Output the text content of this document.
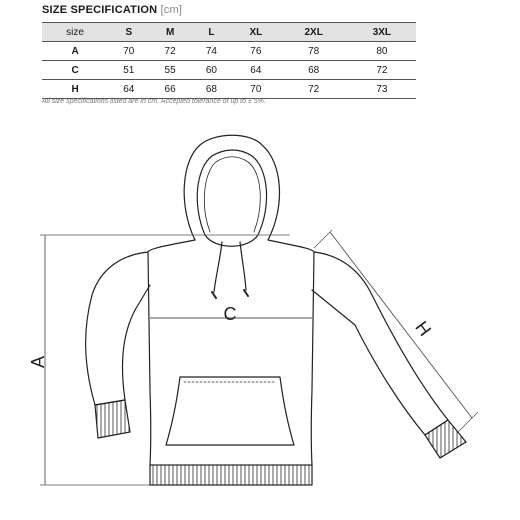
SIZE SPECIFICATION [cm]
size	S	M	L	XL	2XL	3XL
A	70	72	74	76	78	80
C	51	55	60	64	68	72
H	64	66	68	70	72	73
All size specifications listed are in cm. Accepted tolerance of up to ± 5%.
A
C
H
